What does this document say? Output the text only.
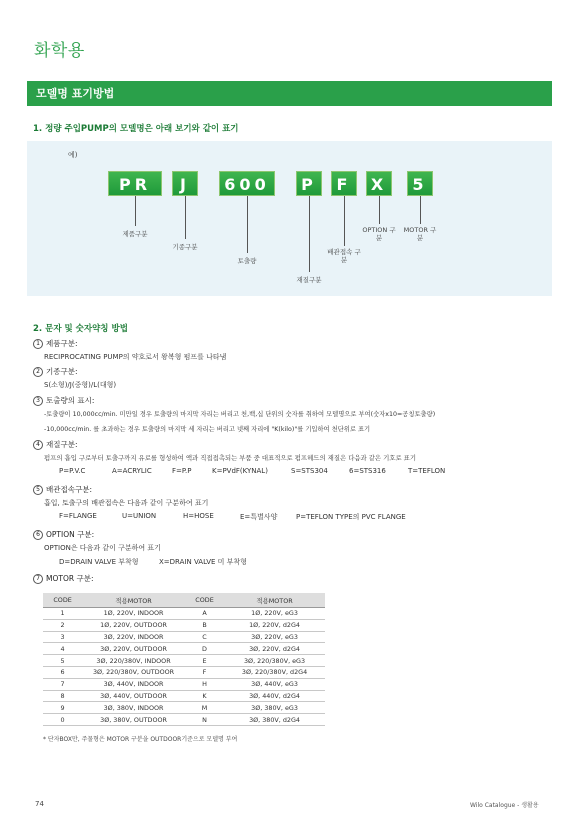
화학용
모델명 표기방법
1. 정량 주입PUMP의 모델명은 아래 보기와 같이 표기
예)
PR	J	600	P	F	X	5
제품구분
기종구분
토출량
재질구분
배관접속 구분
OPTION 구분
MOTOR 구분
2. 문자 및 숫자약칭 방법
1 제품구분:
RECIPROCATING PUMP의 약호로서 왕복형 펌프를 나타냄
2 기종구분:
S(소형)/J(중형)/L(대형)
3 토출량의 표시:
-토출량이 10,000cc/min. 미만일 경우 토출량의 마지막 자리는 버리고 천,백,십 단위의 숫자를 취하여 모델명으로 부여(숫자x10=공칭토출량)
-10,000cc/min. 를 초과하는 경우 토출량의 마지막 세 자리는 버리고 넷째 자리에 "K(kilo)"를 기입하여 천단위로 표기
4 재질구분:
펌프의 흡입 구로부터 토출구까지 유로를 형성하여 액과 직접접촉되는 부품 중 대표적으로 펌프헤드의 재질은 다음과 같은 기호로 표기
P=P.V.C	A=ACRYLIC	F=P.P	K=PVdF(KYNAL)	S=STS304	6=STS316	T=TEFLON
5 배관접속구분:
흡입, 토출구의 배관접속은 다음과 같이 구분하여 표기
F=FLANGE	U=UNION	H=HOSE	E=특별사양	P=TEFLON TYPE의 PVC FLANGE
6 OPTION 구분:
OPTION은 다음과 같이 구분하여 표기
D=DRAIN VALVE 부착형	X=DRAIN VALVE 미 부착형
7 MOTOR 구분:
CODE	적용MOTOR	CODE	적용MOTOR
1	1Ø, 220V, INDOOR	A	1Ø, 220V, eG3
2	1Ø, 220V, OUTDOOR	B	1Ø, 220V, d2G4
3	3Ø, 220V, INDOOR	C	3Ø, 220V, eG3
4	3Ø, 220V, OUTDOOR	D	3Ø, 220V, d2G4
5	3Ø, 220/380V, INDOOR	E	3Ø, 220/380V, eG3
6	3Ø, 220/380V, OUTDOOR	F	3Ø, 220/380V, d2G4
7	3Ø, 440V, INDOOR	H	3Ø, 440V, eG3
8	3Ø, 440V, OUTDOOR	K	3Ø, 440V, d2G4
9	3Ø, 380V, INDOOR	M	3Ø, 380V, eG3
0	3Ø, 380V, OUTDOOR	N	3Ø, 380V, d2G4
* 단자BOX만, 주물형은 MOTOR 구분을 OUTDOOR기준으로 모델명 부여
74	Wilo Catalogue - 생활용
